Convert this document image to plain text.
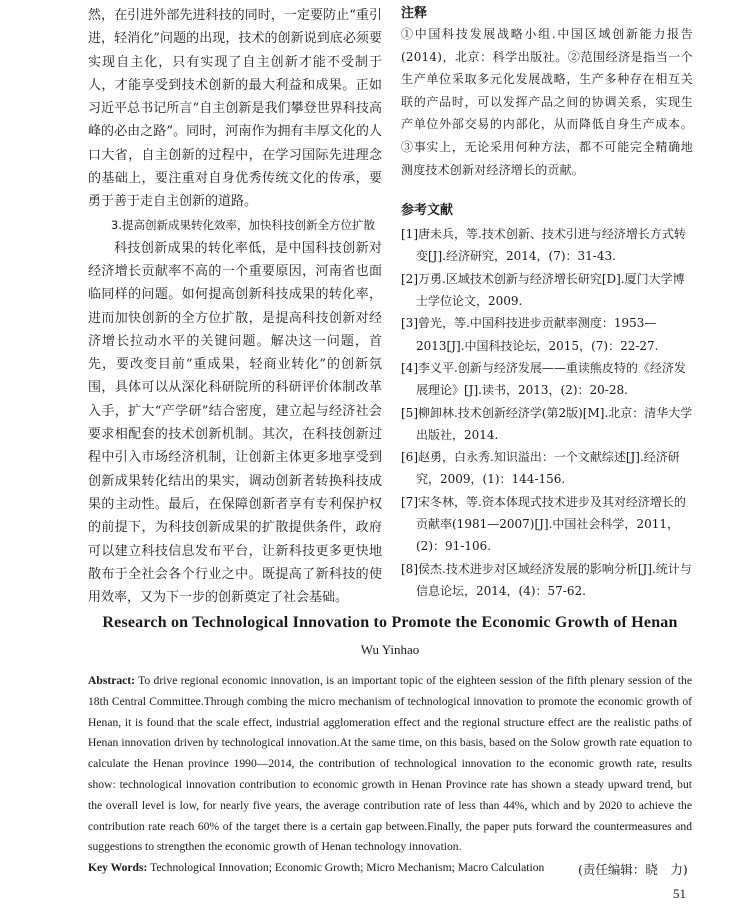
然，在引进外部先进科技的同时，一定要防止“重引进，轻消化”问题的出现，技术的创新说到底必须要实现自主化，只有实现了自主创新才能不受制于人，才能享受到技术创新的最大利益和成果。正如习近平总书记所言“自主创新是我们攀登世界科技高峰的必由之路”。同时，河南作为拥有丰厚文化的人口大省，自主创新的过程中，在学习国际先进理念的基础上，要注重对自身优秀传统文化的传承，要勇于善于走自主创新的道路。

3.提高创新成果转化效率，加快科技创新全方位扩散

科技创新成果的转化率低，是中国科技创新对经济增长贡献率不高的一个重要原因，河南省也面临同样的问题。如何提高创新科技成果的转化率，进而加快创新的全方位扩散，是提高科技创新对经济增长拉动水平的关键问题。解决这一问题，首先，要改变目前“重成果，轻商业转化”的创新氛围，具体可以从深化科研院所的科研评价体制改革入手，扩大“产学研”结合密度，建立起与经济社会要求相配套的技术创新机制。其次，在科技创新过程中引入市场经济机制，让创新主体更多地享受到创新成果转化结出的果实，调动创新者转换科技成果的主动性。最后，在保障创新者享有专利保护权的前提下，为科技创新成果的扩散提供条件，政府可以建立科技信息发布平台，让新科技更多更快地散布于全社会各个行业之中。既提高了新科技的使用效率，又为下一步的创新奠定了社会基础。

注释

①中国科技发展战略小组.中国区域创新能力报告(2014)，北京：科学出版社。②范围经济是指当一个生产单位采取多元化发展战略，生产多种存在相互关联的产品时，可以发挥产品之间的协调关系，实现生产单位外部交易的内部化，从而降低自身生产成本。③事实上，无论采用何种方法，都不可能完全精确地测度技术创新对经济增长的贡献。

参考文献

[1]唐未兵，等.技术创新、技术引进与经济增长方式转变[J].经济研究，2014，(7)：31-43.
[2]万勇.区域技术创新与经济增长研究[D].厦门大学博士学位论文，2009.
[3]曾光，等.中国科技进步贡献率测度：1953—2013[J].中国科技论坛，2015，(7)：22-27.
[4]李义平.创新与经济发展——重读熊皮特的《经济发展理论》[J].读书，2013，(2)：20-28.
[5]柳卸林.技术创新经济学(第2版)[M].北京：清华大学出版社，2014.
[6]赵勇，白永秀.知识溢出：一个文献综述[J].经济研究，2009，(1)：144-156.
[7]宋冬林，等.资本体现式技术进步及其对经济增长的贡献率(1981—2007)[J].中国社会科学，2011，(2)：91-106.
[8]侯杰.技术进步对区域经济发展的影响分析[J].统计与信息论坛，2014，(4)：57-62.

Research on Technological Innovation to Promote the Economic Growth of Henan

Wu Yinhao

Abstract: To drive regional economic innovation, is an important topic of the eighteen session of the fifth plenary session of the 18th Central Committee.Through combing the micro mechanism of technological innovation to promote the economic growth of Henan, it is found that the scale effect, industrial agglomeration effect and the regional structure effect are the realistic paths of Henan innovation driven by technological innovation.At the same time, on this basis, based on the Solow growth rate equation to calculate the Henan province 1990—2014, the contribution of technological innovation to the economic growth rate, results show: technological innovation contribution to economic growth in Henan Province rate has shown a steady upward trend, but the overall level is low, for nearly five years, the average contribution rate of less than 44%, which and by 2020 to achieve the contribution rate reach 60% of the target there is a certain gap between.Finally, the paper puts forward the countermeasures and suggestions to strengthen the economic growth of Henan technology innovation.

Key Words: Technological Innovation; Economic Growth; Micro Mechanism; Macro Calculation	(责任编辑：晓　力)
51
